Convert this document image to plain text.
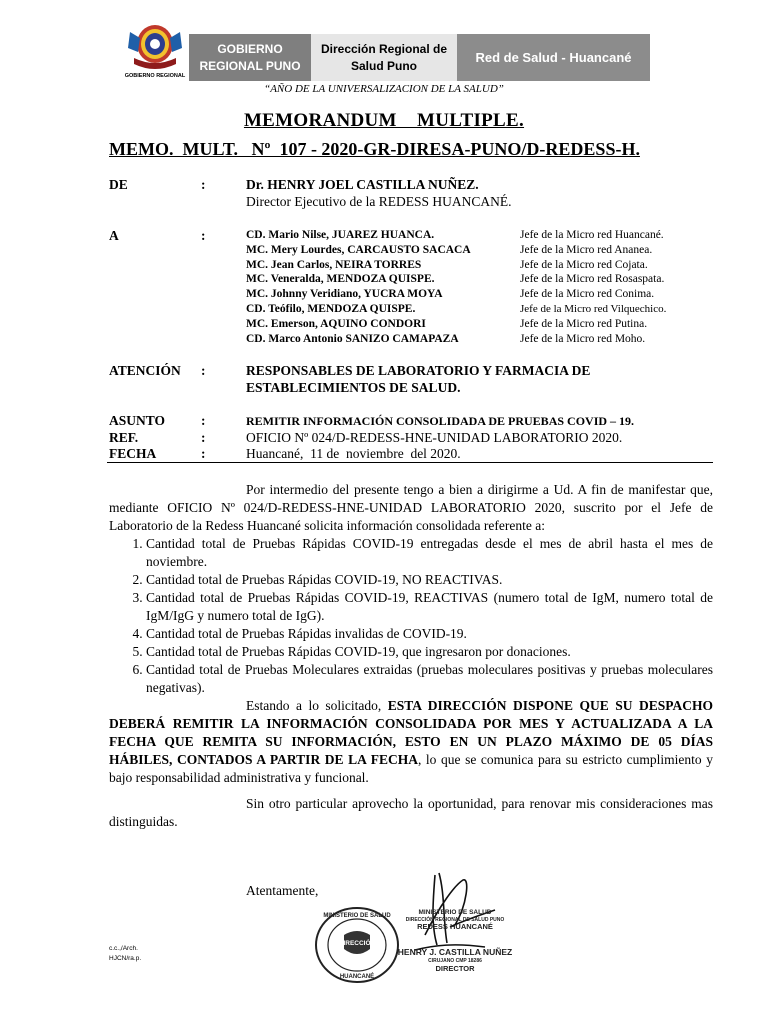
GOBIERNO REGIONAL
GOBIERNO
REGIONAL PUNO
Dirección Regional de
Salud Puno
Red de Salud - Huancané
“AÑO DE LA UNIVERSALIZACION DE LA SALUD”
MEMORANDUM    MULTIPLE.
MEMO.  MULT.   Nº  107 - 2020-GR-DIRESA-PUNO/D-REDESS-H.
DE	:	Dr. HENRY JOEL CASTILLA NUÑEZ.
Director Ejecutivo de la REDESS HUANCANÉ.
A	:	CD. Mario Nilse, JUAREZ HUANCA.	Jefe de la Micro red Huancané.
MC. Mery Lourdes, CARCAUSTO SACACA	Jefe de la Micro red Ananea.
MC. Jean Carlos, NEIRA TORRES	Jefe de la Micro red Cojata.
MC. Veneralda, MENDOZA QUISPE.	Jefe de la Micro red Rosaspata.
MC. Johnny Veridiano, YUCRA MOYA	Jefe de la Micro red Conima.
CD. Teófilo, MENDOZA QUISPE.	Jefe de la Micro red Vilquechico.
MC. Emerson, AQUINO CONDORI	Jefe de la Micro red Putina.
CD. Marco Antonio SANIZO CAMAPAZA	Jefe de la Micro red Moho.
ATENCIÓN :	RESPONSABLES DE LABORATORIO Y FARMACIA DE
ESTABLECIMIENTOS DE SALUD.
ASUNTO	:	REMITIR INFORMACIÓN CONSOLIDADA DE PRUEBAS COVID – 19.
REF.	:	OFICIO Nº 024/D-REDESS-HNE-UNIDAD LABORATORIO 2020.
FECHA	:	Huancané,  11 de  noviembre  del 2020.

Por intermedio del presente tengo a bien a dirigirme a Ud. A fin de manifestar que, mediante OFICIO Nº 024/D-REDESS-HNE-UNIDAD LABORATORIO 2020, suscrito por el Jefe de Laboratorio de la Redess Huancané solicita información consolidada referente a:

1. Cantidad total de Pruebas Rápidas COVID-19 entregadas desde el mes de abril hasta el mes de noviembre.
2. Cantidad total de Pruebas Rápidas COVID-19, NO REACTIVAS.
3. Cantidad total de Pruebas Rápidas COVID-19, REACTIVAS (numero total de IgM, numero total de IgM/IgG y numero total de IgG).
4. Cantidad total de Pruebas Rápidas invalidas de COVID-19.
5. Cantidad total de Pruebas Rápidas COVID-19, que ingresaron por donaciones.
6. Cantidad total de Pruebas Moleculares extraidas (pruebas moleculares positivas y pruebas moleculares negativas).

Estando a lo solicitado, ESTA DIRECCIÓN DISPONE QUE SU DESPACHO DEBERÁ REMITIR LA INFORMACIÓN CONSOLIDADA POR MES Y ACTUALIZADA A LA FECHA QUE REMITA SU INFORMACIÓN, ESTO EN UN PLAZO MÁXIMO DE 05 DÍAS HÁBILES, CONTADOS A PARTIR DE LA FECHA, lo que se comunica para su estricto cumplimiento y bajo responsabilidad administrativa y funcional.

Sin otro particular aprovecho la oportunidad, para renovar mis consideraciones mas distinguidas.

Atentamente,
c.c.,/Arch.
HJCN/ra.p.
MINISTERIO DE SALUD
DIRECCIÓN
HUANCANÉ
MINISTERIO DE SALUD
DIRECCIÓN REGIONAL DE SALUD PUNO
REDESS HUANCANÉ
HENRY J. CASTILLA NUÑEZ
CIRUJANO CMP 18286
DIRECTOR
